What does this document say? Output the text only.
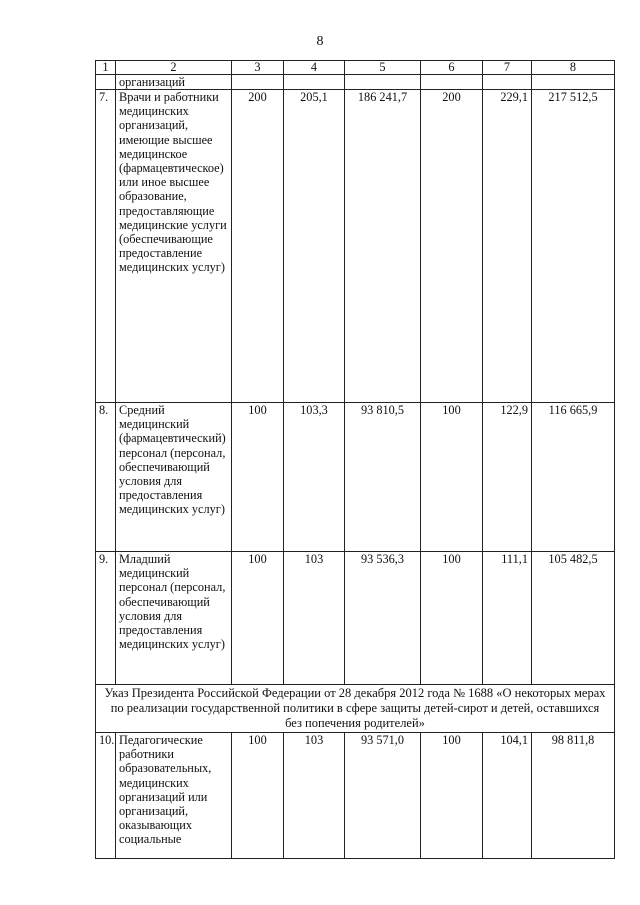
8
1	2	3	4	5	6	7	8
	организаций						
7.	Врачи и работники медицинских организаций, имеющие высшее медицинское (фармацевтическое) или иное высшее образование, предоставляющие медицинские услуги (обеспечивающие предоставление медицинских услуг)	200	205,1	186 241,7	200	229,1	217 512,5
8.	Средний медицинский (фармацевтический) персонал (персонал, обеспечивающий условия для предоставления медицинских услуг)	100	103,3	93 810,5	100	122,9	116 665,9
9.	Младший медицинский персонал (персонал, обеспечивающий условия для предоставления медицинских услуг)	100	103	93 536,3	100	111,1	105 482,5
Указ Президента Российской Федерации от 28 декабря 2012 года № 1688 «О некоторых мерах по реализации государственной политики в сфере защиты детей-сирот и детей, оставшихся без попечения родителей»							
10.	Педагогические работники образовательных, медицинских организаций или организаций, оказывающих социальные	100	103	93 571,0	100	104,1	98 811,8
